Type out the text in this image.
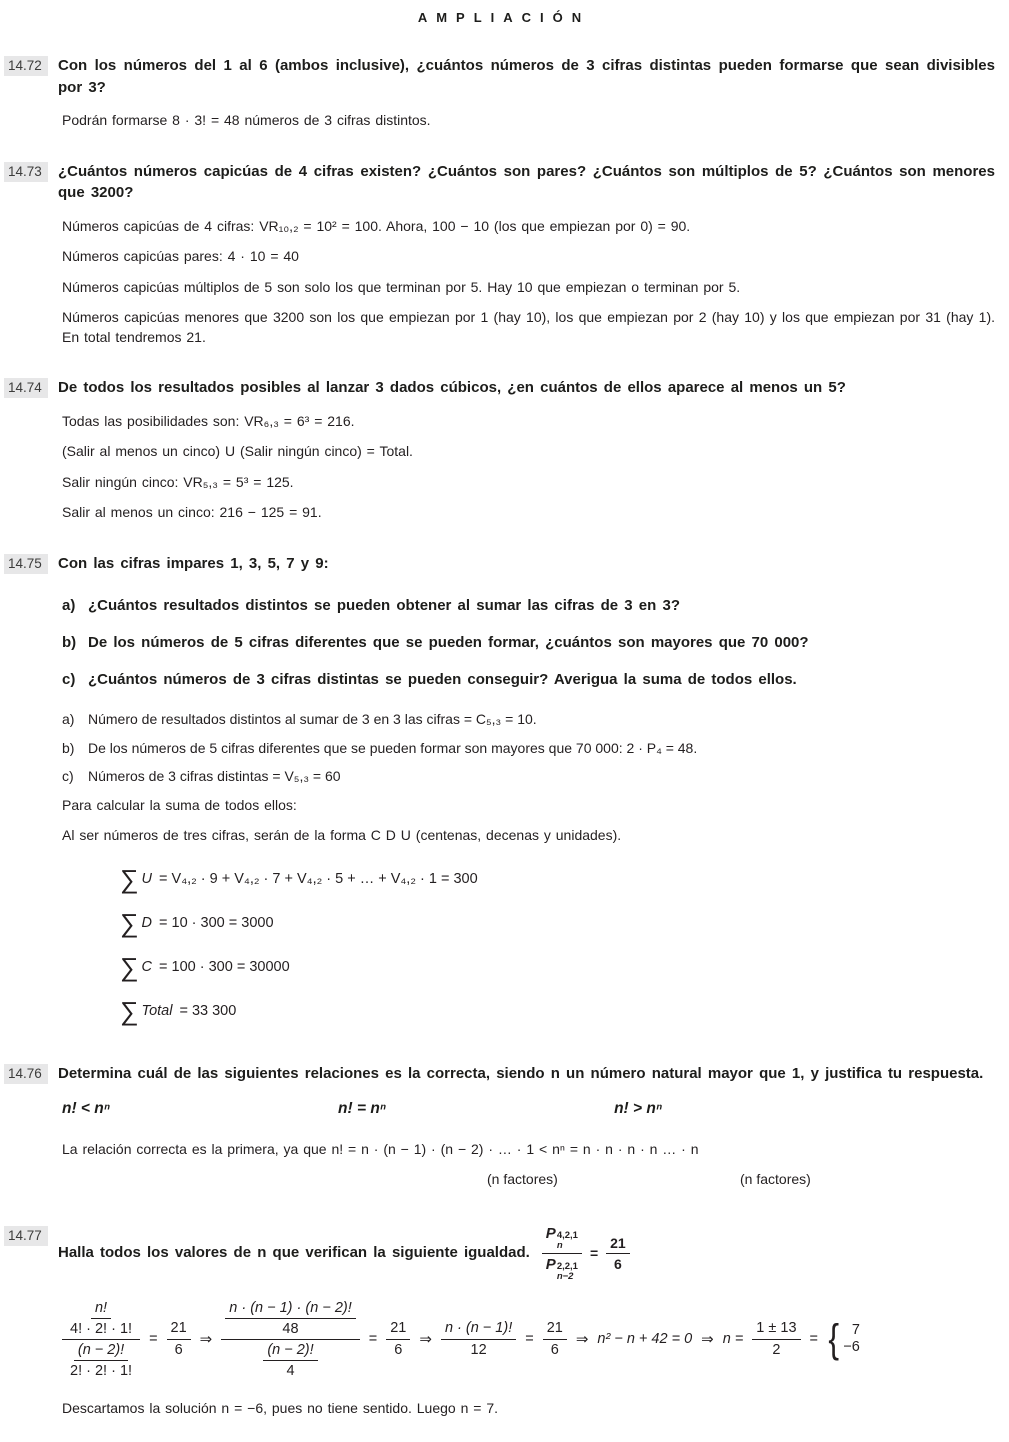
AMPLIACIÓN
14.72	Con los números del 1 al 6 (ambos inclusive), ¿cuántos números de 3 cifras distintas pueden formarse que sean divisibles por 3?

Podrán formarse 8 · 3! = 48 números de 3 cifras distintos.

14.73	¿Cuántos números capicúas de 4 cifras existen? ¿Cuántos son pares? ¿Cuántos son múltiplos de 5? ¿Cuántos son menores que 3200?

Números capicúas de 4 cifras: VR₁₀,₂ = 10² = 100. Ahora, 100 − 10 (los que empiezan por 0) = 90.

Números capicúas pares: 4 · 10 = 40

Números capicúas múltiplos de 5 son solo los que terminan por 5. Hay 10 que empiezan o terminan por 5.

Números capicúas menores que 3200 son los que empiezan por 1 (hay 10), los que empiezan por 2 (hay 10) y los que empiezan por 31 (hay 1). En total tendremos 21.

14.74	De todos los resultados posibles al lanzar 3 dados cúbicos, ¿en cuántos de ellos aparece al menos un 5?

Todas las posibilidades son: VR₆,₃ = 6³ = 216.

(Salir al menos un cinco) U (Salir ningún cinco) = Total.

Salir ningún cinco: VR₅,₃ = 5³ = 125.

Salir al menos un cinco: 216 − 125 = 91.

14.75	Con las cifras impares 1, 3, 5, 7 y 9:

a) ¿Cuántos resultados distintos se pueden obtener al sumar las cifras de 3 en 3?

b) De los números de 5 cifras diferentes que se pueden formar, ¿cuántos son mayores que 70 000?

c) ¿Cuántos números de 3 cifras distintas se pueden conseguir? Averigua la suma de todos ellos.

a) Número de resultados distintos al sumar de 3 en 3 las cifras = C₅,₃ = 10.

b) De los números de 5 cifras diferentes que se pueden formar son mayores que 70 000: 2 · P₄ = 48.

c)	Números de 3 cifras distintas = V₅,₃ = 60

Para calcular la suma de todos ellos:

Al ser números de tres cifras, serán de la forma C D U (centenas, decenas y unidades).

∑ U = V₄,₂ · 9 + V₄,₂ · 7 + V₄,₂ · 5 + … + V₄,₂ · 1 = 300
∑ D = 10 · 300 = 3000
∑ C = 100 · 300 = 30000
∑ Total = 33 300
14.76	Determina cuál de las siguientes relaciones es la correcta, siendo n un número natural mayor que 1, y justifica tu respuesta.

n! < nⁿ	n! = nⁿ	n! > nⁿ

La relación correcta es la primera, ya que n! = n · (n − 1) · (n − 2) · … · 1 < nⁿ = n · n · n · n … · n

(n factores)	(n factores)
14.77

Halla todos los valores de n que verifican la siguiente igualdad. P 4,2,1
n
P 2,2,1
$n-2 = \frac{21}{6}$
$\frac{\frac{n!}{4! \cdot 2! \cdot 1!}}{\frac{(n - 2)!}{2! \cdot 2! \cdot 1!}} = \frac{21}{6}$ ⇒ $\frac{\frac{n \cdot (n - 1) \cdot (n - 2)!}{48}}{\frac{(n - 2)!}{4}} = \frac{21}{6}$ ⇒ $\frac{n \cdot (n - 1)!}{12} = \frac{21}{6}$ ⇒ n² − n + 42 = 0 ⇒ $n = \frac{1 \pm 13}{2}$ = { 7
−6

Descartamos la solución n = −6, pues no tiene sentido. Luego n = 7.
